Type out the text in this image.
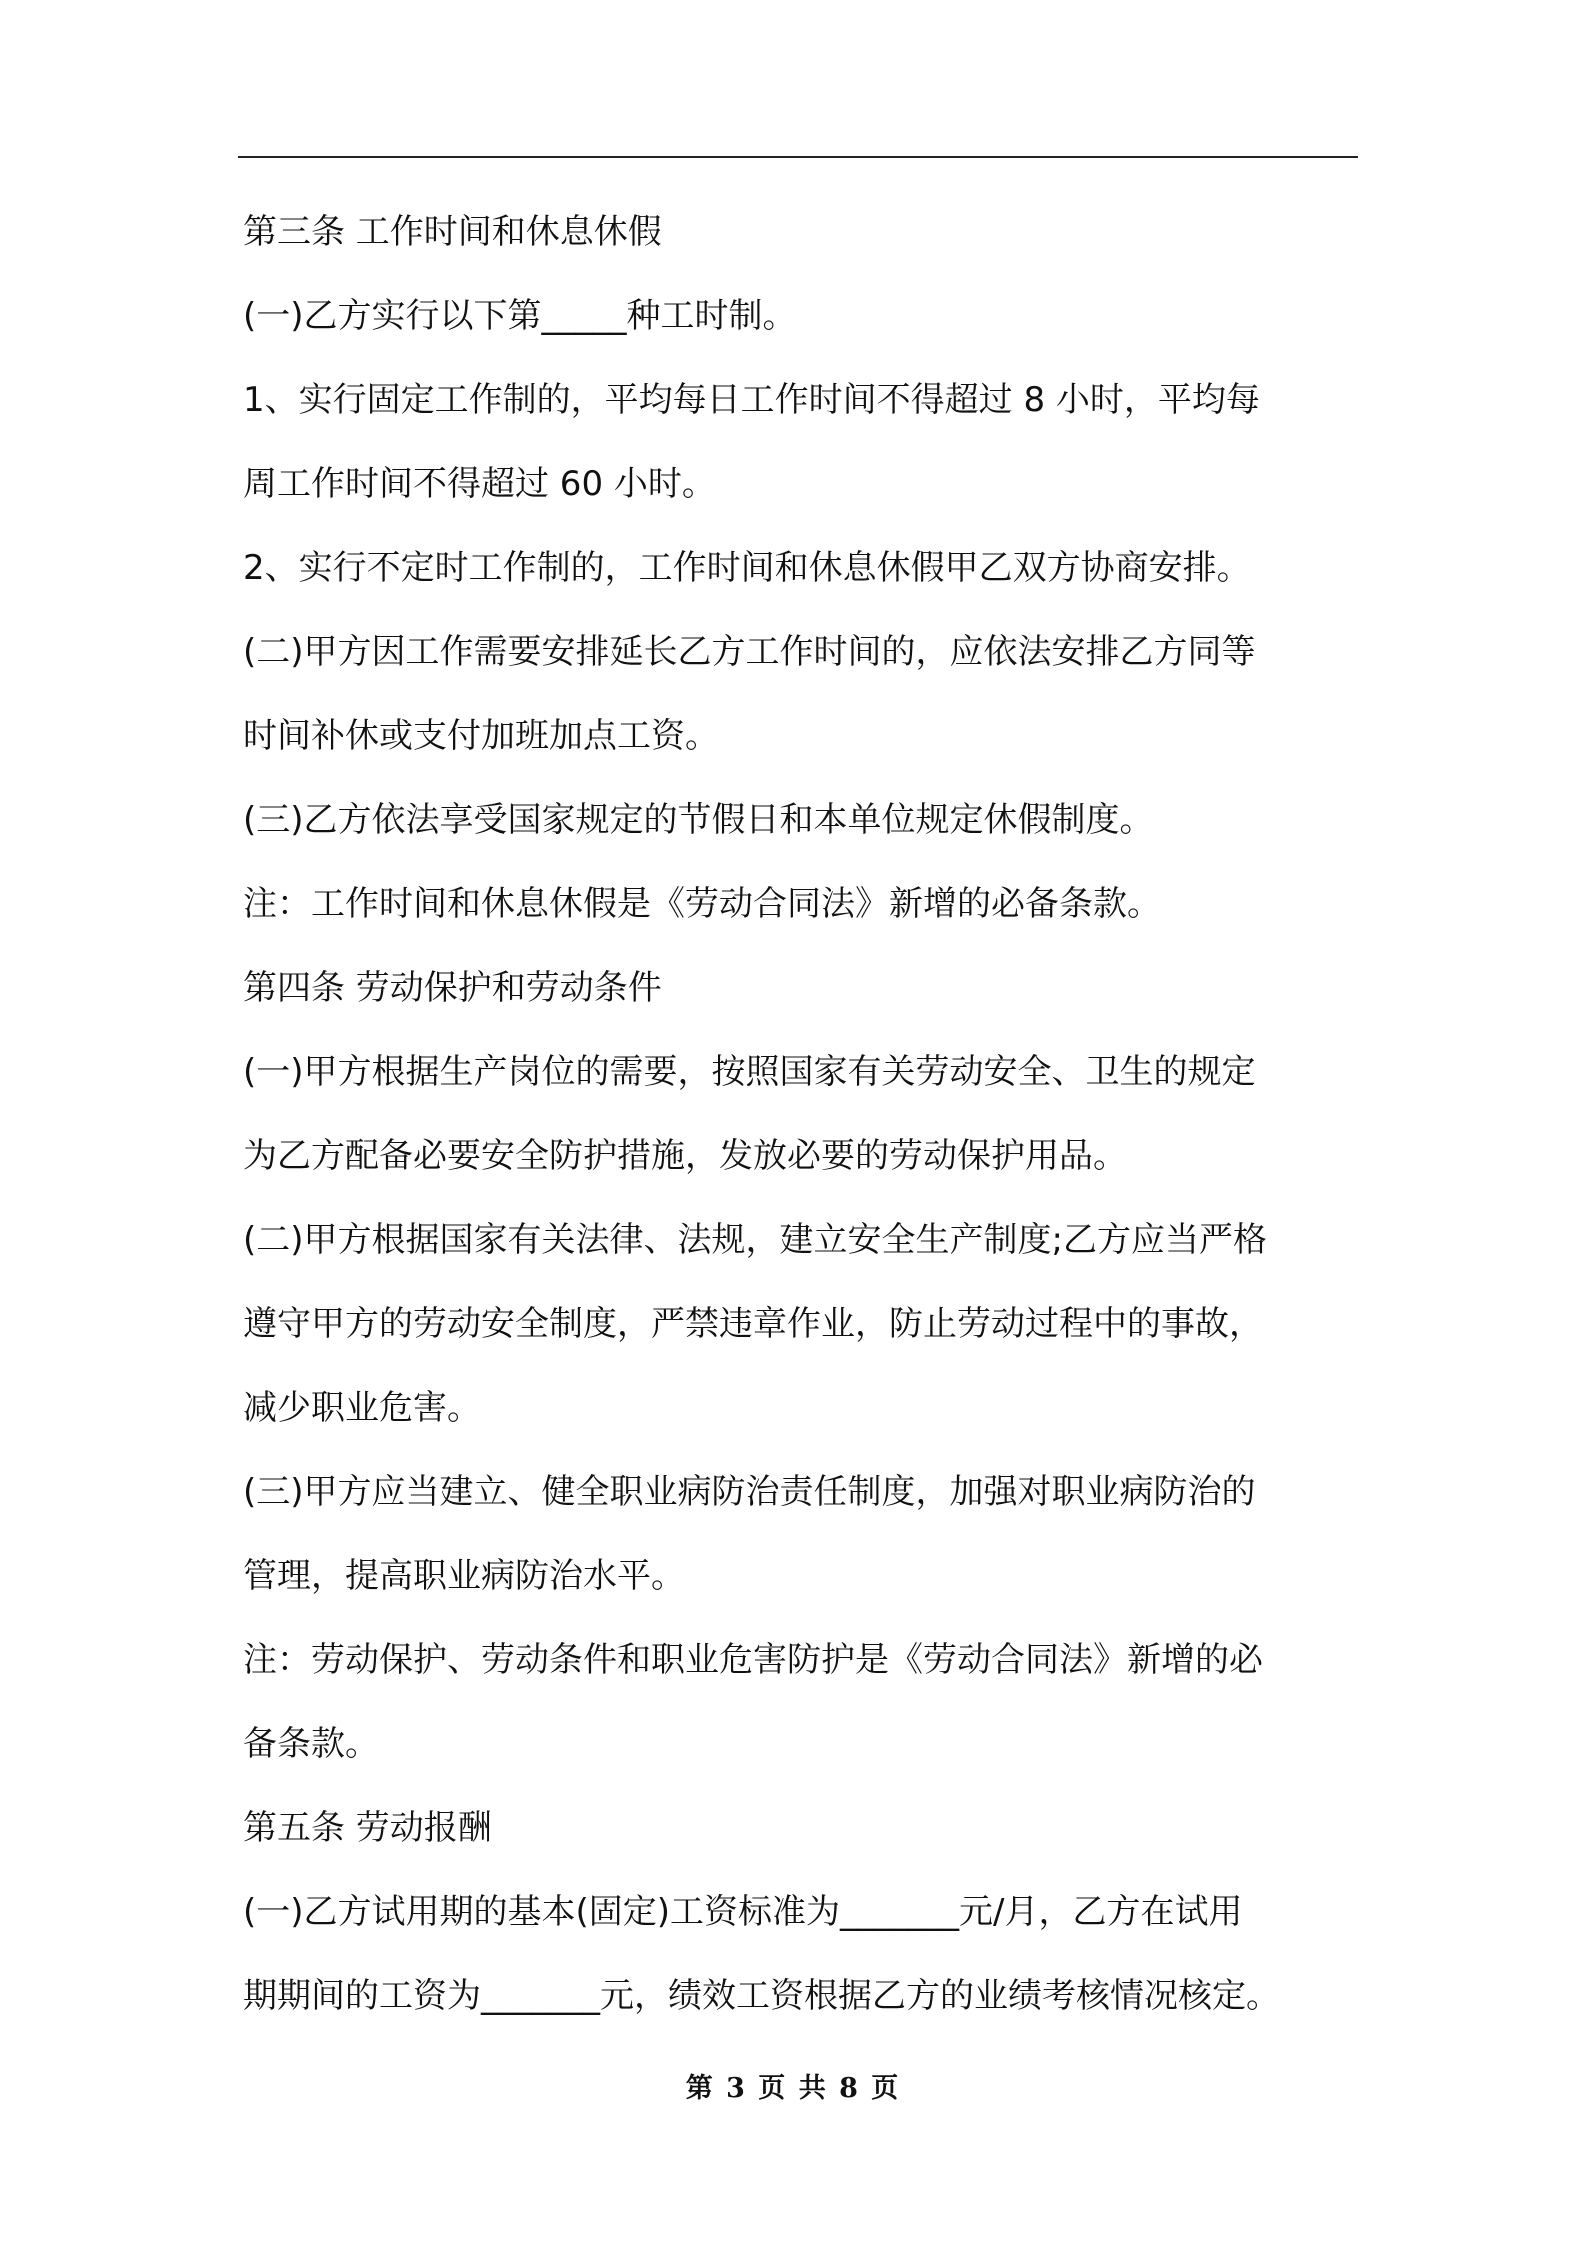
第三条 工作时间和休息休假
(一)乙方实行以下第_____种工时制。
1、实行固定工作制的，平均每日工作时间不得超过 8 小时，平均每
周工作时间不得超过 60 小时。
2、实行不定时工作制的，工作时间和休息休假甲乙双方协商安排。
(二)甲方因工作需要安排延长乙方工作时间的，应依法安排乙方同等
时间补休或支付加班加点工资。
(三)乙方依法享受国家规定的节假日和本单位规定休假制度。
注：工作时间和休息休假是《劳动合同法》新增的必备条款。
第四条 劳动保护和劳动条件
(一)甲方根据生产岗位的需要，按照国家有关劳动安全、卫生的规定
为乙方配备必要安全防护措施，发放必要的劳动保护用品。
(二)甲方根据国家有关法律、法规，建立安全生产制度;乙方应当严格
遵守甲方的劳动安全制度，严禁违章作业，防止劳动过程中的事故，
减少职业危害。
(三)甲方应当建立、健全职业病防治责任制度，加强对职业病防治的
管理，提高职业病防治水平。
注：劳动保护、劳动条件和职业危害防护是《劳动合同法》新增的必
备条款。
第五条 劳动报酬
(一)乙方试用期的基本(固定)工资标准为_______元/月，乙方在试用
期期间的工资为_______元，绩效工资根据乙方的业绩考核情况核定。
第 3 页 共 8 页
